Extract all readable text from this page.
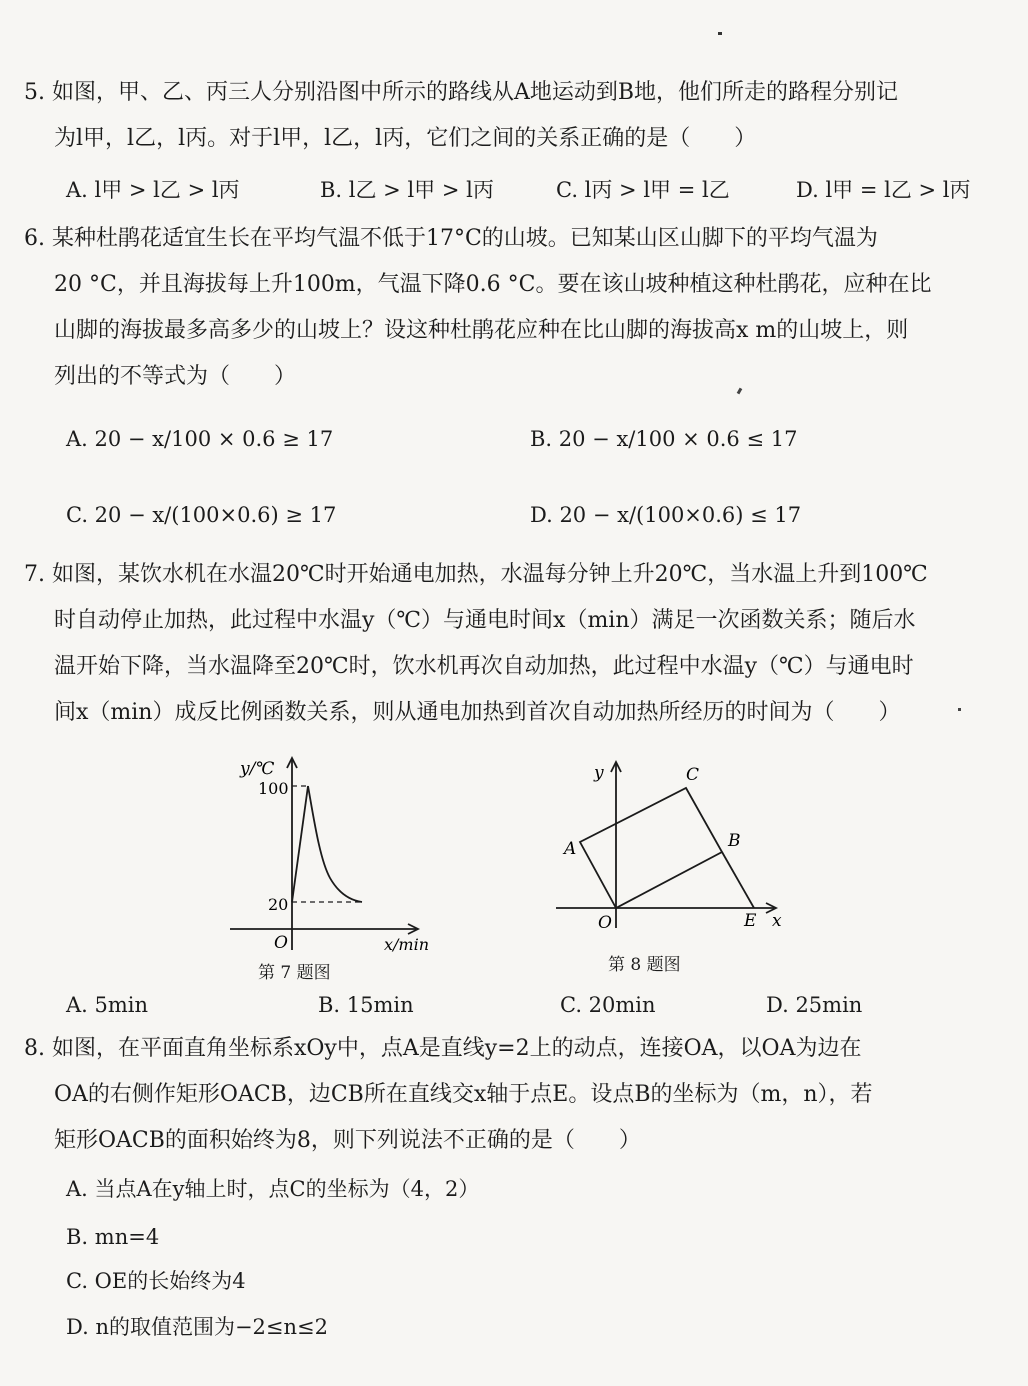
5. 如图，甲、乙、丙三人分别沿图中所示的路线从A地运动到B地，他们所走的路程分别记
为l甲，l乙，l丙。对于l甲，l乙，l丙，它们之间的关系正确的是（　　）
A. l甲 > l乙 > l丙	B. l乙 > l甲 > l丙	C. l丙 > l甲 = l乙	D. l甲 = l乙 > l丙
6. 某种杜鹃花适宜生长在平均气温不低于17°C的山坡。已知某山区山脚下的平均气温为
20 °C，并且海拔每上升100m，气温下降0.6 °C。要在该山坡种植这种杜鹃花，应种在比
山脚的海拔最多高多少的山坡上？设这种杜鹃花应种在比山脚的海拔高x m的山坡上，则
列出的不等式为（　　）
A. 20 − x/100 × 0.6 ≥ 17	B. 20 − x/100 × 0.6 ≤ 17
C. 20 − x/(100×0.6) ≥ 17	D. 20 − x/(100×0.6) ≤ 17
7. 如图，某饮水机在水温20℃时开始通电加热，水温每分钟上升20℃，当水温上升到100℃
时自动停止加热，此过程中水温y（℃）与通电时间x（min）满足一次函数关系；随后水
温开始下降，当水温降至20℃时，饮水机再次自动加热，此过程中水温y（℃）与通电时
间x（min）成反比例函数关系，则从通电加热到首次自动加热所经历的时间为（　　）
y/℃
100
20
O	x/min
第 7 题图
y
x
O
A
C
B
E
第 8 题图
A. 5min	B. 15min	C. 20min	D. 25min
8. 如图，在平面直角坐标系xOy中，点A是直线y=2上的动点，连接OA，以OA为边在
OA的右侧作矩形OACB，边CB所在直线交x轴于点E。设点B的坐标为（m，n），若
矩形OACB的面积始终为8，则下列说法不正确的是（　　）
A. 当点A在y轴上时，点C的坐标为（4，2）
B. mn=4
C. OE的长始终为4
D. n的取值范围为−2≤n≤2
